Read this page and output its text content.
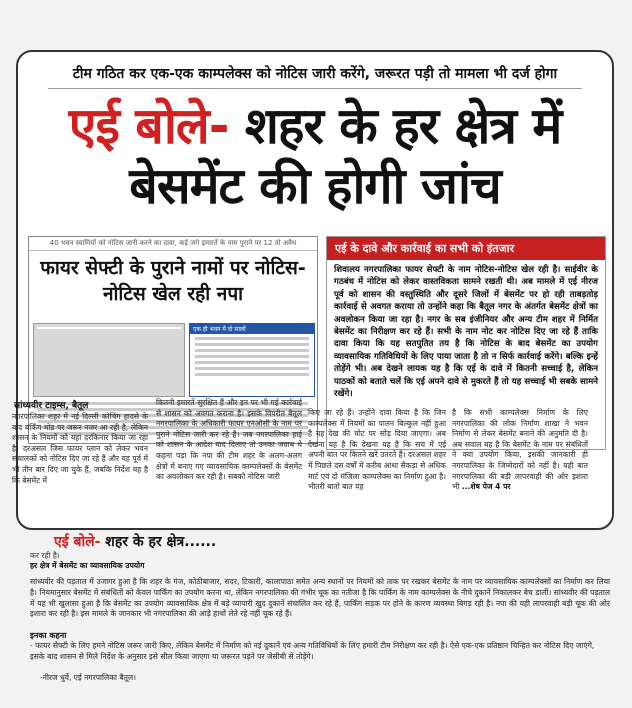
टीम गठित कर एक-एक काम्पलेक्स को नोटिस जारी करेंगे, जरूरत पड़ी तो मामला भी दर्ज होगा
एई बोले- शहर के हर क्षेत्र में बेसमेंट की होगी जांच
40 भवन स्वामियों को नोटिस जारी करने का दावा, कई जगे इमारतें के नाम पुराने पर 12 तो अवैध
फायर सेफ्टी के पुराने नामों पर नोटिस-नोटिस खेल रही नपा
एक ही भवन में दो सालों
एई के दावे और कार्रवाई का सभी को इंतजार
शिवालय नगरपालिका फायर सेफ्टी के नाम नोटिस-नोटिस खेल रही है। साईवीर के गठबंध में नोटिस को लेकर वास्तविकता सामने रखती थी। अब मामले में एई नीरज पूर्व को शासन की वस्तुस्थिति और दूसरे जिलों में बेसमेंट पर हो रही ताबड़तोड़ कार्रवाई से अवगत कराया तो उन्होंने कहा कि बैतूल नगर के अंतर्गत बेसमेंट क्षेत्रों का अवलोकन किया जा रहा है। नगर के सब इंजीनियर और अन्य टीम शहर में निर्मित बेसमेंट का निरीक्षण कर रहे हैं। सभी के नाम नोट कर नोटिस दिए जा रहे हैं ताकि दावा किया कि यह सतपुतित तय है कि नोटिस के बाद बेसमेंट का उपयोग व्यावसायिक गतिविधियों के लिए पाया जाता है तो न सिर्फ कार्रवाई करेंगे। बल्कि इन्हें तोड़ेंगे भी। अब देखने लायक यह है कि एई के दावे में कितनी सच्चाई है, लेकिन पाठकों को बताते चलें कि एई अपने दावे से मुकरते हैं तो यह सच्चाई भी सबके सामने रखेंगे।
सांध्यवीर टाइम्स, बैतूल
नगरपालिका शहर में नई दिल्ली कोचिंग हादसे के बाद बर्किंग मोड पर जरूर नजर आ रही है, लेकिन शासन के नियमों को यहां दरकिनार किया जा रहा है। दरअसल जिस फायर प्लान को लेकर भवन संचालकों को नोटिस दिए जा रहे हैं और यह पूर्व में भी तीन बार दिए जा चुके हैं, जबकि निर्देश यह है कि बेसमेंट में
कितनी इमारतें सुरक्षित हैं और इन पर भी गई कार्रवाई से शासन को अवगत कराना है। इसके विपरीत बैतूल नगरपालिका के अधिकारी फायर एनओसी के नाम पर पुराने नोटिस जारी कर रहे हैं। जब नगरपालिका हाई को शासन के आदेश याद दिलाए तो उनका जवाब थे कहना पड़ा कि नपा की टीम शहर के अलग-अलग क्षेत्रों में बनाए गए व्यावसायिक काम्पलेक्सों के बेसमेंट का अवलोकन कर रही है। सबको नोटिस जारी
किए जा रहे हैं। उन्होंने दावा किया है कि जिन काम्पलेक्स में नियमों का पालन बिल्कुल नहीं हुआ है यह देख की चोट पर सोड़ दिया जाएगा। अब देखना यह है कि देखना यह है कि सच में एई अपनी बात पर कितने खरे उतरते हैं। दरअसल शहर में पिछले दस वर्षों में करीब आधा सैकड़ा से अधिक मार्ट एवं दो मंजिला काम्पलेक्स का निर्माण हुआ है। भीतरी बातो बात यह
है कि सभी काम्पलेक्स निर्माण के लिए नगरपालिका की लोक निर्माण शाखा ने भवन निर्माण से लेकर बेसमेंट बनाने की अनुमति दी है। अब सवाल यह है कि बेसमेंट के नाम पर संबंधितों ने क्या उपयोग किया, इसकी जानकारी ही नगरपालिका के जिम्मेदारों को नहीं है। यही बात नगरपालिका की बड़ी लापरवाही की ओर इशारा भी ...शेष पेज 4 पर
एई बोले- शहर के हर क्षेत्र......
कर रही है।
हर क्षेत्र में बेसमेंट का व्यावसायिक उपयोग
सांध्यवीर की पड़ताल में उजागर हुआ है कि शहर के गंज, कोठीबाजार, सदर, टिकारी, कालापाठा समेत अन्य स्थानों पर नियमों को ताक पर रखकर बेसमेंट के नाम पर व्यावसायिक काम्पलेक्सों का निर्माण कर लिया है। नियमानुसार बेसमेंट में संबंधितों को केवल पार्किंग का उपयोग करना था, लेकिन नगरपालिका की गंभीर चूक का नतीजा है कि पार्किंग के नाम काम्पलेक्स के नीचे दुकानें निकालकर बेच डालीं। सांध्यवीर की पड़ताल में यह भी खुलासा हुआ है कि बेसमेंट का उपयोग व्यावसायिक क्षेत्र में बड़े व्यापारी खुद दुकानें संचालित कर रहे हैं, पार्किंग सड़क पर होने के कारण व्यवस्था बिगड़ रही है। नपा की यही लापरवाही बड़ी चूक की ओर इशारा कर रही है। इस मामले के जानकार भी नगरपालिका की आड़े हाथों लेते रहे नहीं चूक रहे हैं।
इनका कहना
- फायर सेफ्टी के लिए हमने नोटिस जरूर जारी किए, लेकिन बेसमेंट में निर्माण को नई दुकानें एवं अन्य गतिविधियों के लिए हमारी टीम निरीक्षण कर रही है। ऐसे एक-एक प्रतिष्ठान चिन्हित कर नोटिस दिए जाएंगे, इसके बाद शासन से मिले निर्देश के अनुसार इसे सील किया जाएगा या जरूरत पड़ने पर जेसीबी से तोड़ेंगे।
-नीरज धुर्वे, एई नगरपालिका बैतूल।
